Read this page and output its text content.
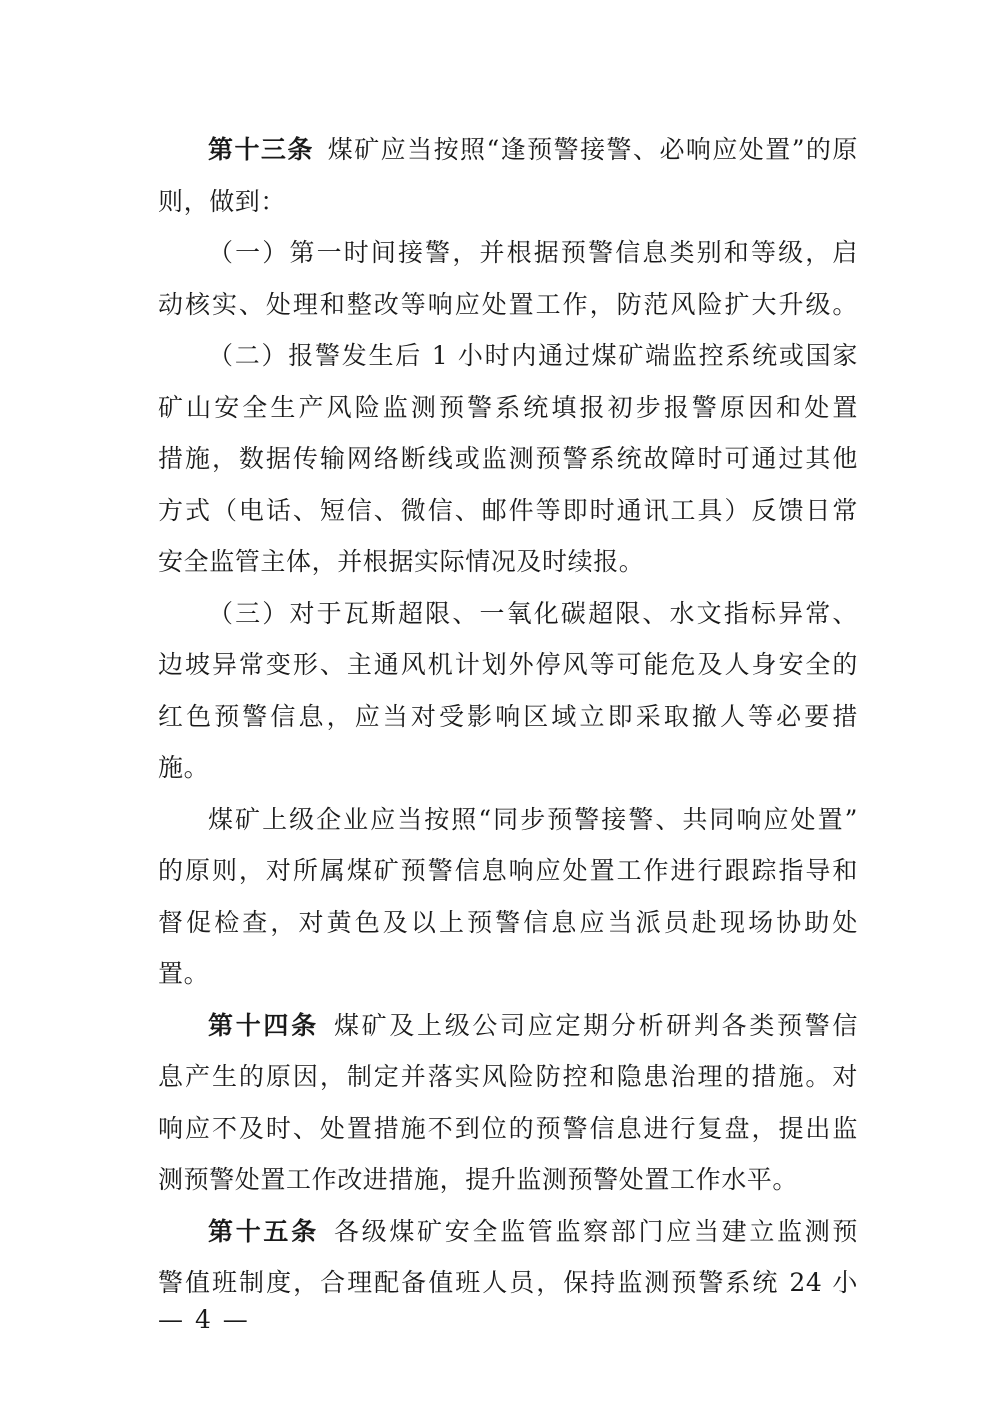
第十三条  煤矿应当按照“逢预警接警、必响应处置”的原
则，做到：
（一）第一时间接警，并根据预警信息类别和等级，启
动核实、处理和整改等响应处置工作，防范风险扩大升级。
（二）报警发生后 1 小时内通过煤矿端监控系统或国家
矿山安全生产风险监测预警系统填报初步报警原因和处置
措施，数据传输网络断线或监测预警系统故障时可通过其他
方式（电话、短信、微信、邮件等即时通讯工具）反馈日常
安全监管主体，并根据实际情况及时续报。
（三）对于瓦斯超限、一氧化碳超限、水文指标异常、
边坡异常变形、主通风机计划外停风等可能危及人身安全的
红色预警信息，应当对受影响区域立即采取撤人等必要措
施。
煤矿上级企业应当按照“同步预警接警、共同响应处置”
的原则，对所属煤矿预警信息响应处置工作进行跟踪指导和
督促检查，对黄色及以上预警信息应当派员赴现场协助处
置。
第十四条  煤矿及上级公司应定期分析研判各类预警信
息产生的原因，制定并落实风险防控和隐患治理的措施。对
响应不及时、处置措施不到位的预警信息进行复盘，提出监
测预警处置工作改进措施，提升监测预警处置工作水平。
第十五条  各级煤矿安全监管监察部门应当建立监测预
警值班制度，合理配备值班人员，保持监测预警系统 24 小
— 4 —
